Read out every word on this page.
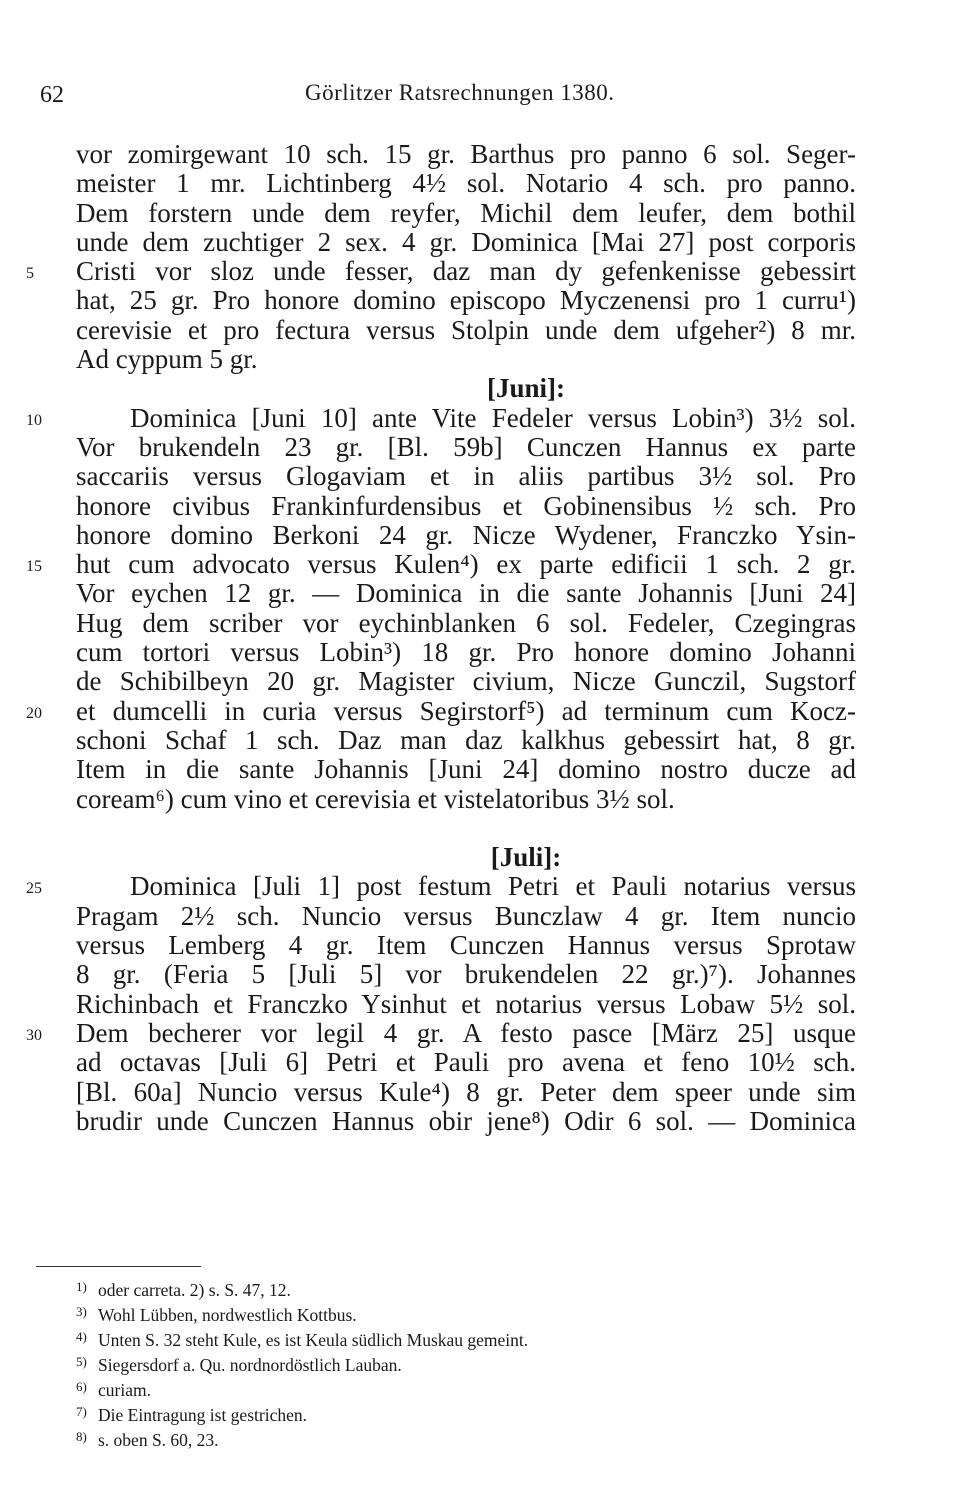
62	Görlitzer Ratsrechnungen 1380.
vor zomirgewant 10 sch. 15 gr. Barthus pro panno 6 sol. Seger-
meister 1 mr. Lichtinberg 4½ sol. Notario 4 sch. pro panno.
Dem forstern unde dem reyfer, Michil dem leufer, dem bothil
unde dem zuchtiger 2 sex. 4 gr. Dominica [Mai 27] post corporis
5	Cristi vor sloz unde fesser, daz man dy gefenkenisse gebessirt
hat, 25 gr. Pro honore domino episcopo Myczenensi pro 1 curru¹)
cerevisie et pro fectura versus Stolpin unde dem ufgeher²) 8 mr.
Ad cyppum 5 gr.
[Juni]:
10	Dominica [Juni 10] ante Vite Fedeler versus Lobin³) 3½ sol.
Vor brukendeln 23 gr. [Bl. 59b] Cunczen Hannus ex parte
saccariis versus Glogaviam et in aliis partibus 3½ sol. Pro
honore civibus Frankinfurdensibus et Gobinensibus ½ sch. Pro
honore domino Berkoni 24 gr. Nicze Wydener, Franczko Ysin-
15	hut cum advocato versus Kulen⁴) ex parte edificii 1 sch. 2 gr.
Vor eychen 12 gr. — Dominica in die sante Johannis [Juni 24]
Hug dem scriber vor eychinblanken 6 sol. Fedeler, Czegingras
cum tortori versus Lobin³) 18 gr. Pro honore domino Johanni
de Schibilbeyn 20 gr. Magister civium, Nicze Gunczil, Sugstorf
20	et dumcelli in curia versus Segirstorf⁵) ad terminum cum Kocz-
schoni Schaf 1 sch. Daz man daz kalkhus gebessirt hat, 8 gr.
Item in die sante Johannis [Juni 24] domino nostro ducze ad
coream⁶) cum vino et cerevisia et vistelatoribus 3½ sol.
[Juli]:
25	Dominica [Juli 1] post festum Petri et Pauli notarius versus
Pragam 2½ sch. Nuncio versus Bunczlaw 4 gr. Item nuncio
versus Lemberg 4 gr. Item Cunczen Hannus versus Sprotaw
8 gr. (Feria 5 [Juli 5] vor brukendelen 22 gr.)⁷). Johannes
Richinbach et Franczko Ysinhut et notarius versus Lobaw 5½ sol.
30	Dem becherer vor legil 4 gr. A festo pasce [März 25] usque
ad octavas [Juli 6] Petri et Pauli pro avena et feno 10½ sch.
[Bl. 60a] Nuncio versus Kule⁴) 8 gr. Peter dem speer unde sim
brudir unde Cunczen Hannus obir jene⁸) Odir 6 sol. — Dominica
1) oder carreta. 2) s. S. 47, 12.
3) Wohl Lübben, nordwestlich Kottbus.
4) Unten S. 32 steht Kule, es ist Keula südlich Muskau gemeint.
5) Siegersdorf a. Qu. nordnordöstlich Lauban.
6) curiam.
7) Die Eintragung ist gestrichen.
8) s. oben S. 60, 23.
